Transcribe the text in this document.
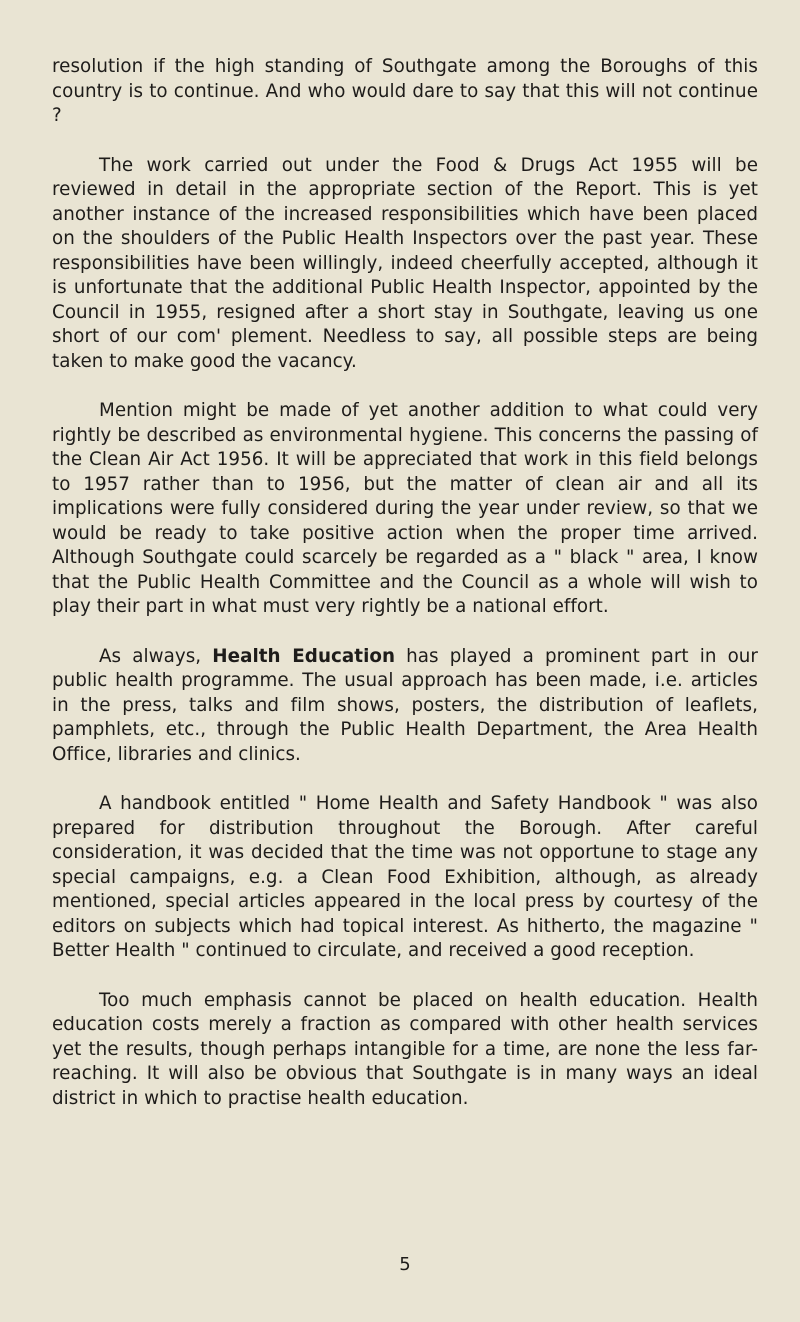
resolution if the high standing of Southgate among the Boroughs of this country is to continue. And who would dare to say that this will not continue ?

The work carried out under the Food & Drugs Act 1955 will be reviewed in detail in the appropriate section of the Report. This is yet another instance of the increased responsibilities which have been placed on the shoulders of the Public Health Inspectors over the past year. These responsibilities have been willingly, indeed cheerfully accepted, although it is unfortunate that the additional Public Health Inspector, appointed by the Council in 1955, resigned after a short stay in Southgate, leaving us one short of our com' plement. Needless to say, all possible steps are being taken to make good the vacancy.

Mention might be made of yet another addition to what could very rightly be described as environmental hygiene. This concerns the passing of the Clean Air Act 1956. It will be appreciated that work in this field belongs to 1957 rather than to 1956, but the matter of clean air and all its implications were fully considered during the year under review, so that we would be ready to take positive action when the proper time arrived. Although Southgate could scarcely be regarded as a " black " area, I know that the Public Health Committee and the Council as a whole will wish to play their part in what must very rightly be a national effort.

As always, Health Education has played a prominent part in our public health programme. The usual approach has been made, i.e. articles in the press, talks and film shows, posters, the distribution of leaflets, pamphlets, etc., through the Public Health Department, the Area Health Office, libraries and clinics.

A handbook entitled " Home Health and Safety Handbook " was also prepared for distribution throughout the Borough. After careful consideration, it was decided that the time was not opportune to stage any special campaigns, e.g. a Clean Food Exhibition, although, as already mentioned, special articles appeared in the local press by courtesy of the editors on subjects which had topical interest. As hitherto, the magazine " Better Health " continued to circulate, and received a good reception.

Too much emphasis cannot be placed on health education. Health education costs merely a fraction as compared with other health services yet the results, though perhaps intangible for a time, are none the less far-reaching. It will also be obvious that Southgate is in many ways an ideal district in which to practise health education.

5
